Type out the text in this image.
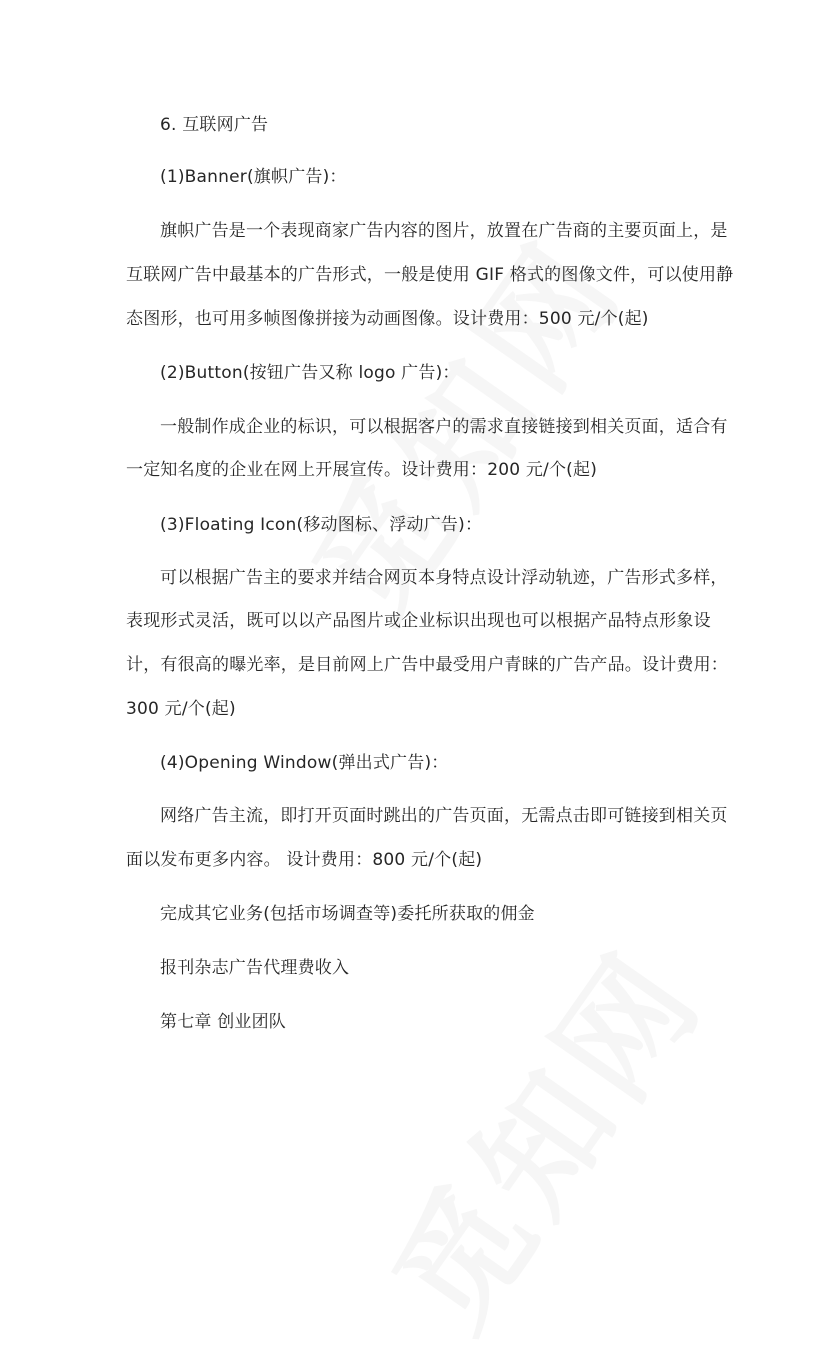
6. 互联网广告
(1)Banner(旗帜广告)：
旗帜广告是一个表现商家广告内容的图片，放置在广告商的主要页面上，是
互联网广告中最基本的广告形式，一般是使用 GIF 格式的图像文件，可以使用静
态图形，也可用多帧图像拼接为动画图像。设计费用：500 元/个(起)
(2)Button(按钮广告又称 logo 广告)：
一般制作成企业的标识，可以根据客户的需求直接链接到相关页面，适合有
一定知名度的企业在网上开展宣传。设计费用：200 元/个(起)
(3)Floating Icon(移动图标、浮动广告)：
可以根据广告主的要求并结合网页本身特点设计浮动轨迹，广告形式多样，
表现形式灵活，既可以以产品图片或企业标识出现也可以根据产品特点形象设
计，有很高的曝光率，是目前网上广告中最受用户青睐的广告产品。设计费用：
300 元/个(起)
(4)Opening Window(弹出式广告)：
网络广告主流，即打开页面时跳出的广告页面，无需点击即可链接到相关页
面以发布更多内容。 设计费用：800 元/个(起)
完成其它业务(包括市场调查等)委托所获取的佣金
报刊杂志广告代理费收入
第七章 创业团队
